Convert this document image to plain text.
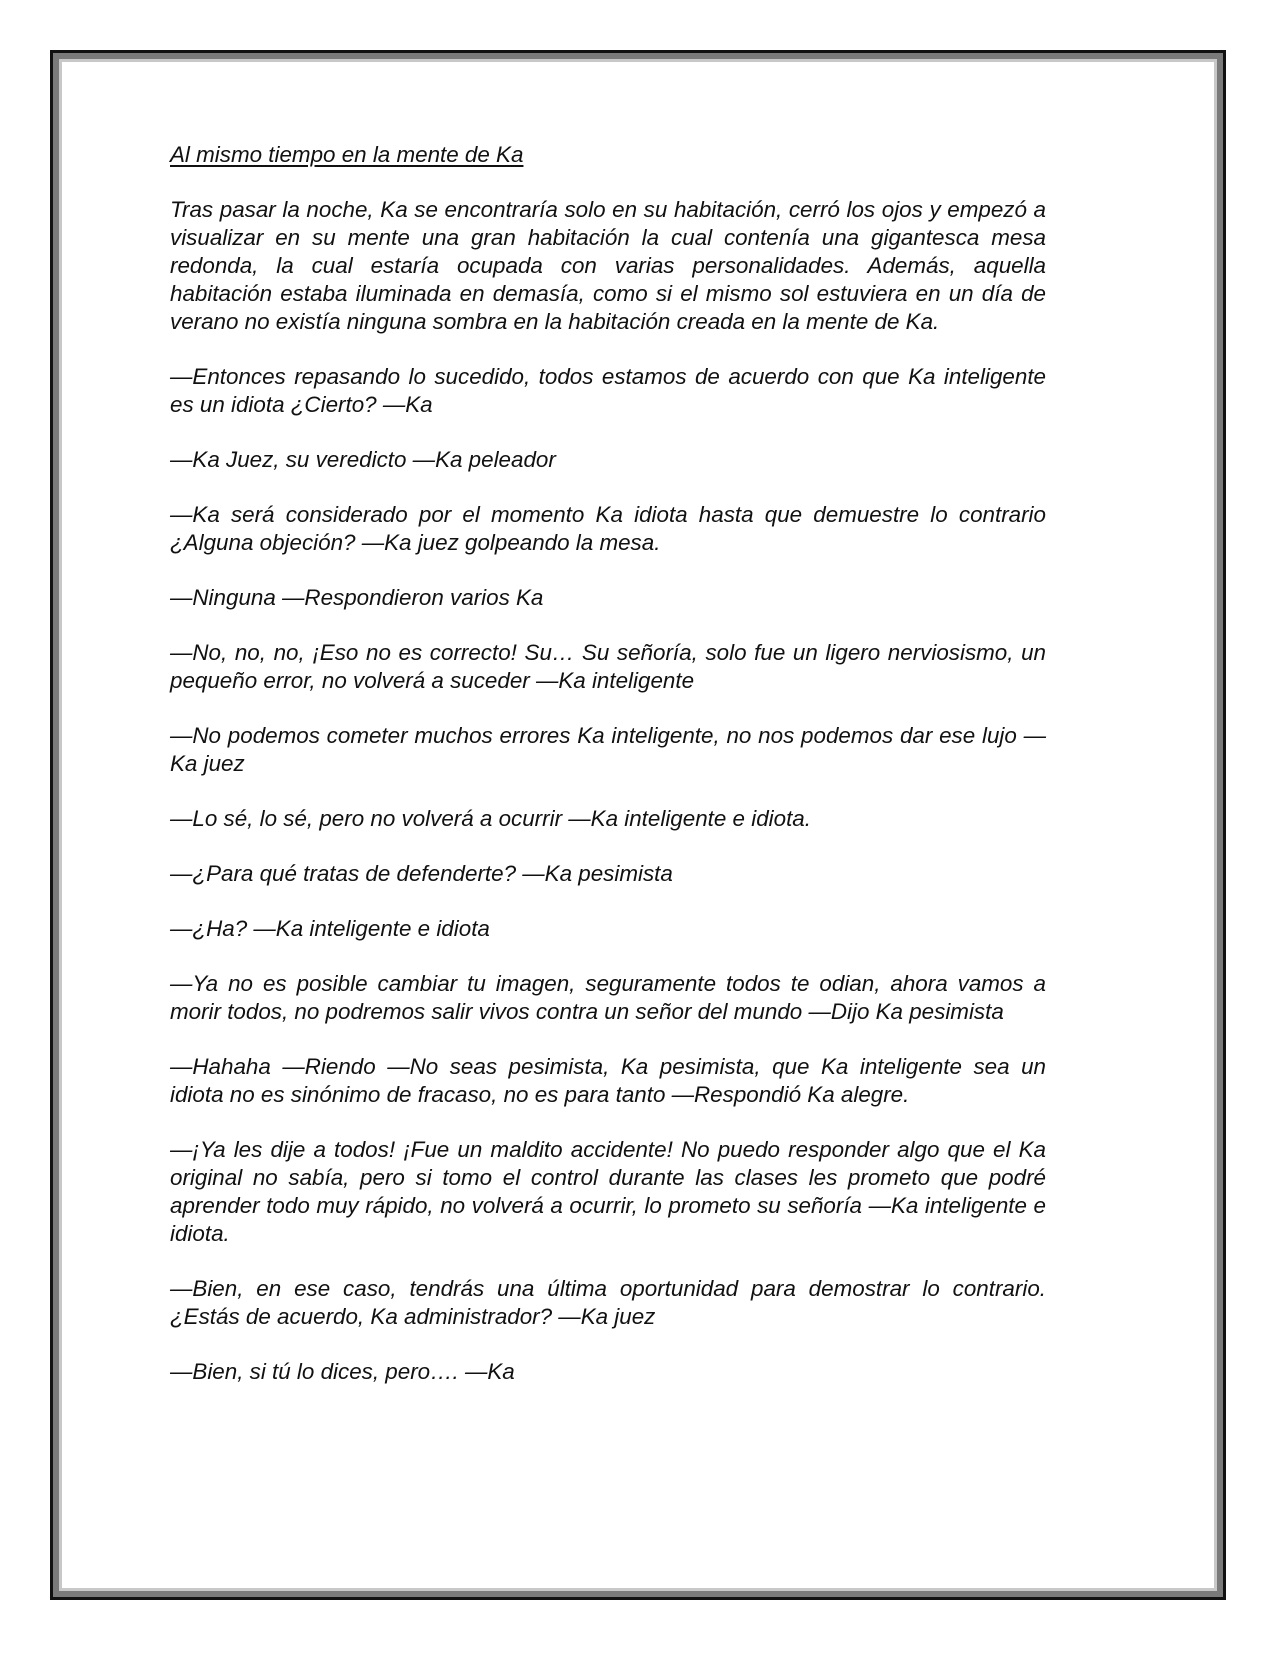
Al mismo tiempo en la mente de Ka

Tras pasar la noche, Ka se encontraría solo en su habitación, cerró los ojos y empezó a visualizar en su mente una gran habitación la cual contenía una gigantesca mesa redonda, la cual estaría ocupada con varias personalidades. Además, aquella habitación estaba iluminada en demasía, como si el mismo sol estuviera en un día de verano no existía ninguna sombra en la habitación creada en la mente de Ka.

—Entonces repasando lo sucedido, todos estamos de acuerdo con que Ka inteligente es un idiota ¿Cierto? —Ka

—Ka Juez, su veredicto —Ka peleador

—Ka será considerado por el momento Ka idiota hasta que demuestre lo contrario ¿Alguna objeción? —Ka juez golpeando la mesa.

—Ninguna —Respondieron varios Ka

—No, no, no, ¡Eso no es correcto! Su… Su señoría, solo fue un ligero nerviosismo, un pequeño error, no volverá a suceder —Ka inteligente

—No podemos cometer muchos errores Ka inteligente, no nos podemos dar ese lujo —Ka juez

—Lo sé, lo sé, pero no volverá a ocurrir —Ka inteligente e idiota.

—¿Para qué tratas de defenderte? —Ka pesimista

—¿Ha? —Ka inteligente e idiota

—Ya no es posible cambiar tu imagen, seguramente todos te odian, ahora vamos a morir todos, no podremos salir vivos contra un señor del mundo —Dijo Ka pesimista

—Hahaha —Riendo —No seas pesimista, Ka pesimista, que Ka inteligente sea un idiota no es sinónimo de fracaso, no es para tanto —Respondió Ka alegre.

—¡Ya les dije a todos! ¡Fue un maldito accidente! No puedo responder algo que el Ka original no sabía, pero si tomo el control durante las clases les prometo que podré aprender todo muy rápido, no volverá a ocurrir, lo prometo su señoría —Ka inteligente e idiota.

—Bien, en ese caso, tendrás una última oportunidad para demostrar lo contrario. ¿Estás de acuerdo, Ka administrador? —Ka juez

—Bien, si tú lo dices, pero…. —Ka
